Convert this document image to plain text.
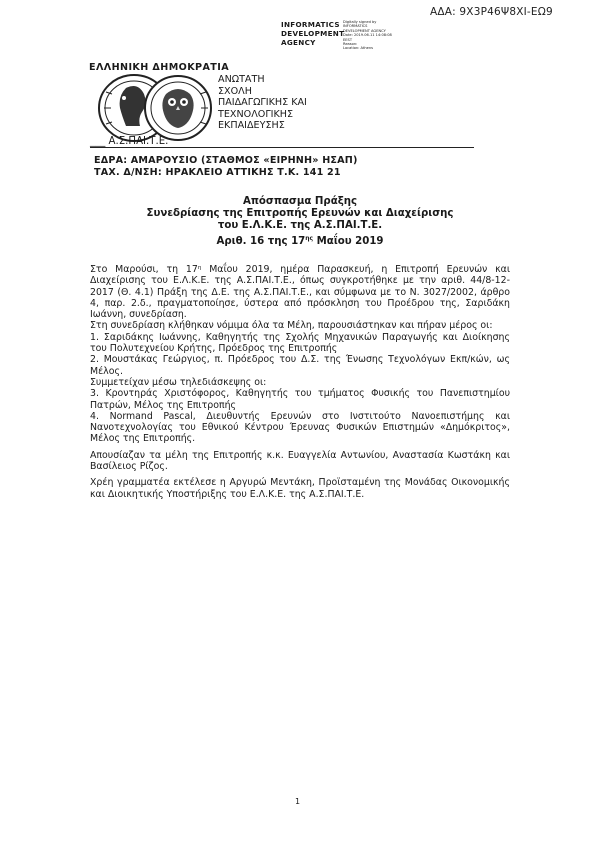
ΑΔΑ: 9Χ3Ρ46Ψ8ΧΙ-ΕΩ9
INFORMATICS
DEVELOPMENT
AGENCY
Digitally signed by
INFORMATICS
DEVELOPMENT AGENCY
Date: 2019.06.11 14:08:08
EEST
Reason:
Location: Athens
ΕΛΛΗΝΙΚΗ ΔΗΜΟΚΡΑΤΙΑ
ΑΝΩΤΑΤΗ
ΣΧΟΛΗ
ΠΑΙΔΑΓΩΓΙΚΗΣ ΚΑΙ
ΤΕΧΝΟΛΟΓΙΚΗΣ
ΕΚΠΑΙΔΕΥΣΗΣ
___ Α.Σ.ΠΑΙ.Τ.Ε.
ΕΔΡΑ: ΑΜΑΡΟΥΣΙΟ (ΣΤΑΘΜΟΣ «ΕΙΡΗΝΗ» ΗΣΑΠ)
ΤΑΧ. Δ/ΝΣΗ: ΗΡΑΚΛΕΙΟ ΑΤΤΙΚΗΣ Τ.Κ. 141 21
Απόσπασμα Πράξης
Συνεδρίασης της Επιτροπής Ερευνών και Διαχείρισης
του Ε.Λ.Κ.Ε. της Α.Σ.ΠΑΙ.Τ.Ε.
Αριθ. 16 της $17^{\eta\varsigma}$ Μαΐου 2019

Στο Μαρούσι, τη $17^\eta$ Μαΐου 2019, ημέρα Παρασκευή, η Επιτροπή Ερευνών και Διαχείρισης του Ε.Λ.Κ.Ε. της Α.Σ.ΠΑΙ.Τ.Ε., όπως συγκροτήθηκε με την αριθ. 44/8-12-2017 (Θ. 4.1) Πράξη της Δ.Ε. της Α.Σ.ΠΑΙ.Τ.Ε., και σύμφωνα με το Ν. 3027/2002, άρθρο 4, παρ. 2.δ., πραγματοποίησε, ύστερα από πρόσκληση του Προέδρου της, Σαριδάκη Ιωάννη, συνεδρίαση.

Στη συνεδρίαση κλήθηκαν νόμιμα όλα τα Μέλη, παρουσιάστηκαν και πήραν μέρος οι:

1. Σαριδάκης Ιωάννης, Καθηγητής της Σχολής Μηχανικών Παραγωγής και Διοίκησης του Πολυτεχνείου Κρήτης, Πρόεδρος της Επιτροπής

2. Μουστάκας Γεώργιος, π. Πρόεδρος του Δ.Σ. της Ένωσης Τεχνολόγων Εκπ/κών, ως Μέλος.

Συμμετείχαν μέσω τηλεδιάσκεψης οι:

3. Κροντηράς Χριστόφορος, Καθηγητής του τμήματος Φυσικής του Πανεπιστημίου Πατρών, Μέλος της Επιτροπής

4. Normand Pascal, Διευθυντής Ερευνών στο Ινστιτούτο Νανοεπιστήμης και Νανοτεχνολογίας του Εθνικού Κέντρου Έρευνας Φυσικών Επιστημών «Δημόκριτος», Μέλος της Επιτροπής.

Απουσίαζαν τα μέλη της Επιτροπής κ.κ. Ευαγγελία Αντωνίου, Αναστασία Κωστάκη και Βασίλειος Ρίζος.

Χρέη γραμματέα εκτέλεσε η Αργυρώ Μεντάκη, Προϊσταμένη της Μονάδας Οικονομικής και Διοικητικής Υποστήριξης του Ε.Λ.Κ.Ε. της Α.Σ.ΠΑΙ.Τ.Ε.

1
